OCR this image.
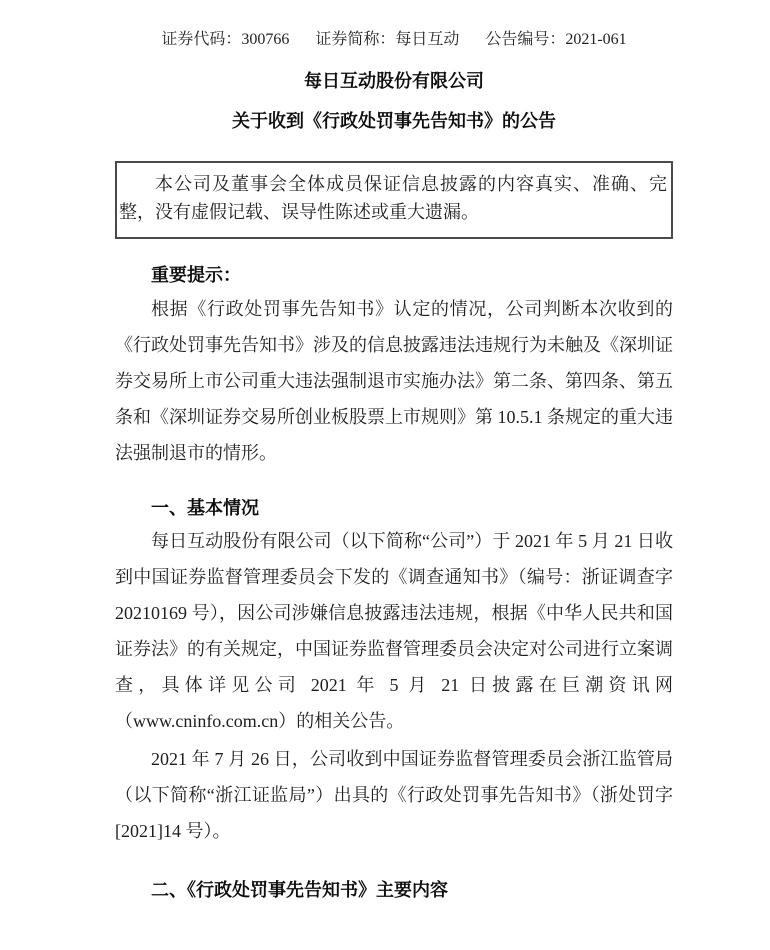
证券代码：300766 证券简称：每日互动 公告编号：2021-061
每日互动股份有限公司
关于收到《行政处罚事先告知书》的公告

本公司及董事会全体成员保证信息披露的内容真实、准确、完整，没有虚假记载、误导性陈述或重大遗漏。

重要提示：

根据《行政处罚事先告知书》认定的情况，公司判断本次收到的《行政处罚事先告知书》涉及的信息披露违法违规行为未触及《深圳证券交易所上市公司重大违法强制退市实施办法》第二条、第四条、第五条和《深圳证券交易所创业板股票上市规则》第 10.5.1 条规定的重大违法强制退市的情形。

一、基本情况

每日互动股份有限公司（以下简称“公司”）于 2021 年 5 月 21 日收到中国证券监督管理委员会下发的《调查通知书》（编号：浙证调查字 20210169 号），因公司涉嫌信息披露违法违规，根据《中华人民共和国证券法》的有关规定，中国证券监督管理委员会决定对公司进行立案调查，具体详见公司 2021 年 5 月 21 日披露在巨潮资讯网（www.cninfo.com.cn）的相关公告。

2021 年 7 月 26 日，公司收到中国证券监督管理委员会浙江监管局（以下简称“浙江证监局”）出具的《行政处罚事先告知书》（浙处罚字[2021]14 号）。

二、《行政处罚事先告知书》主要内容
